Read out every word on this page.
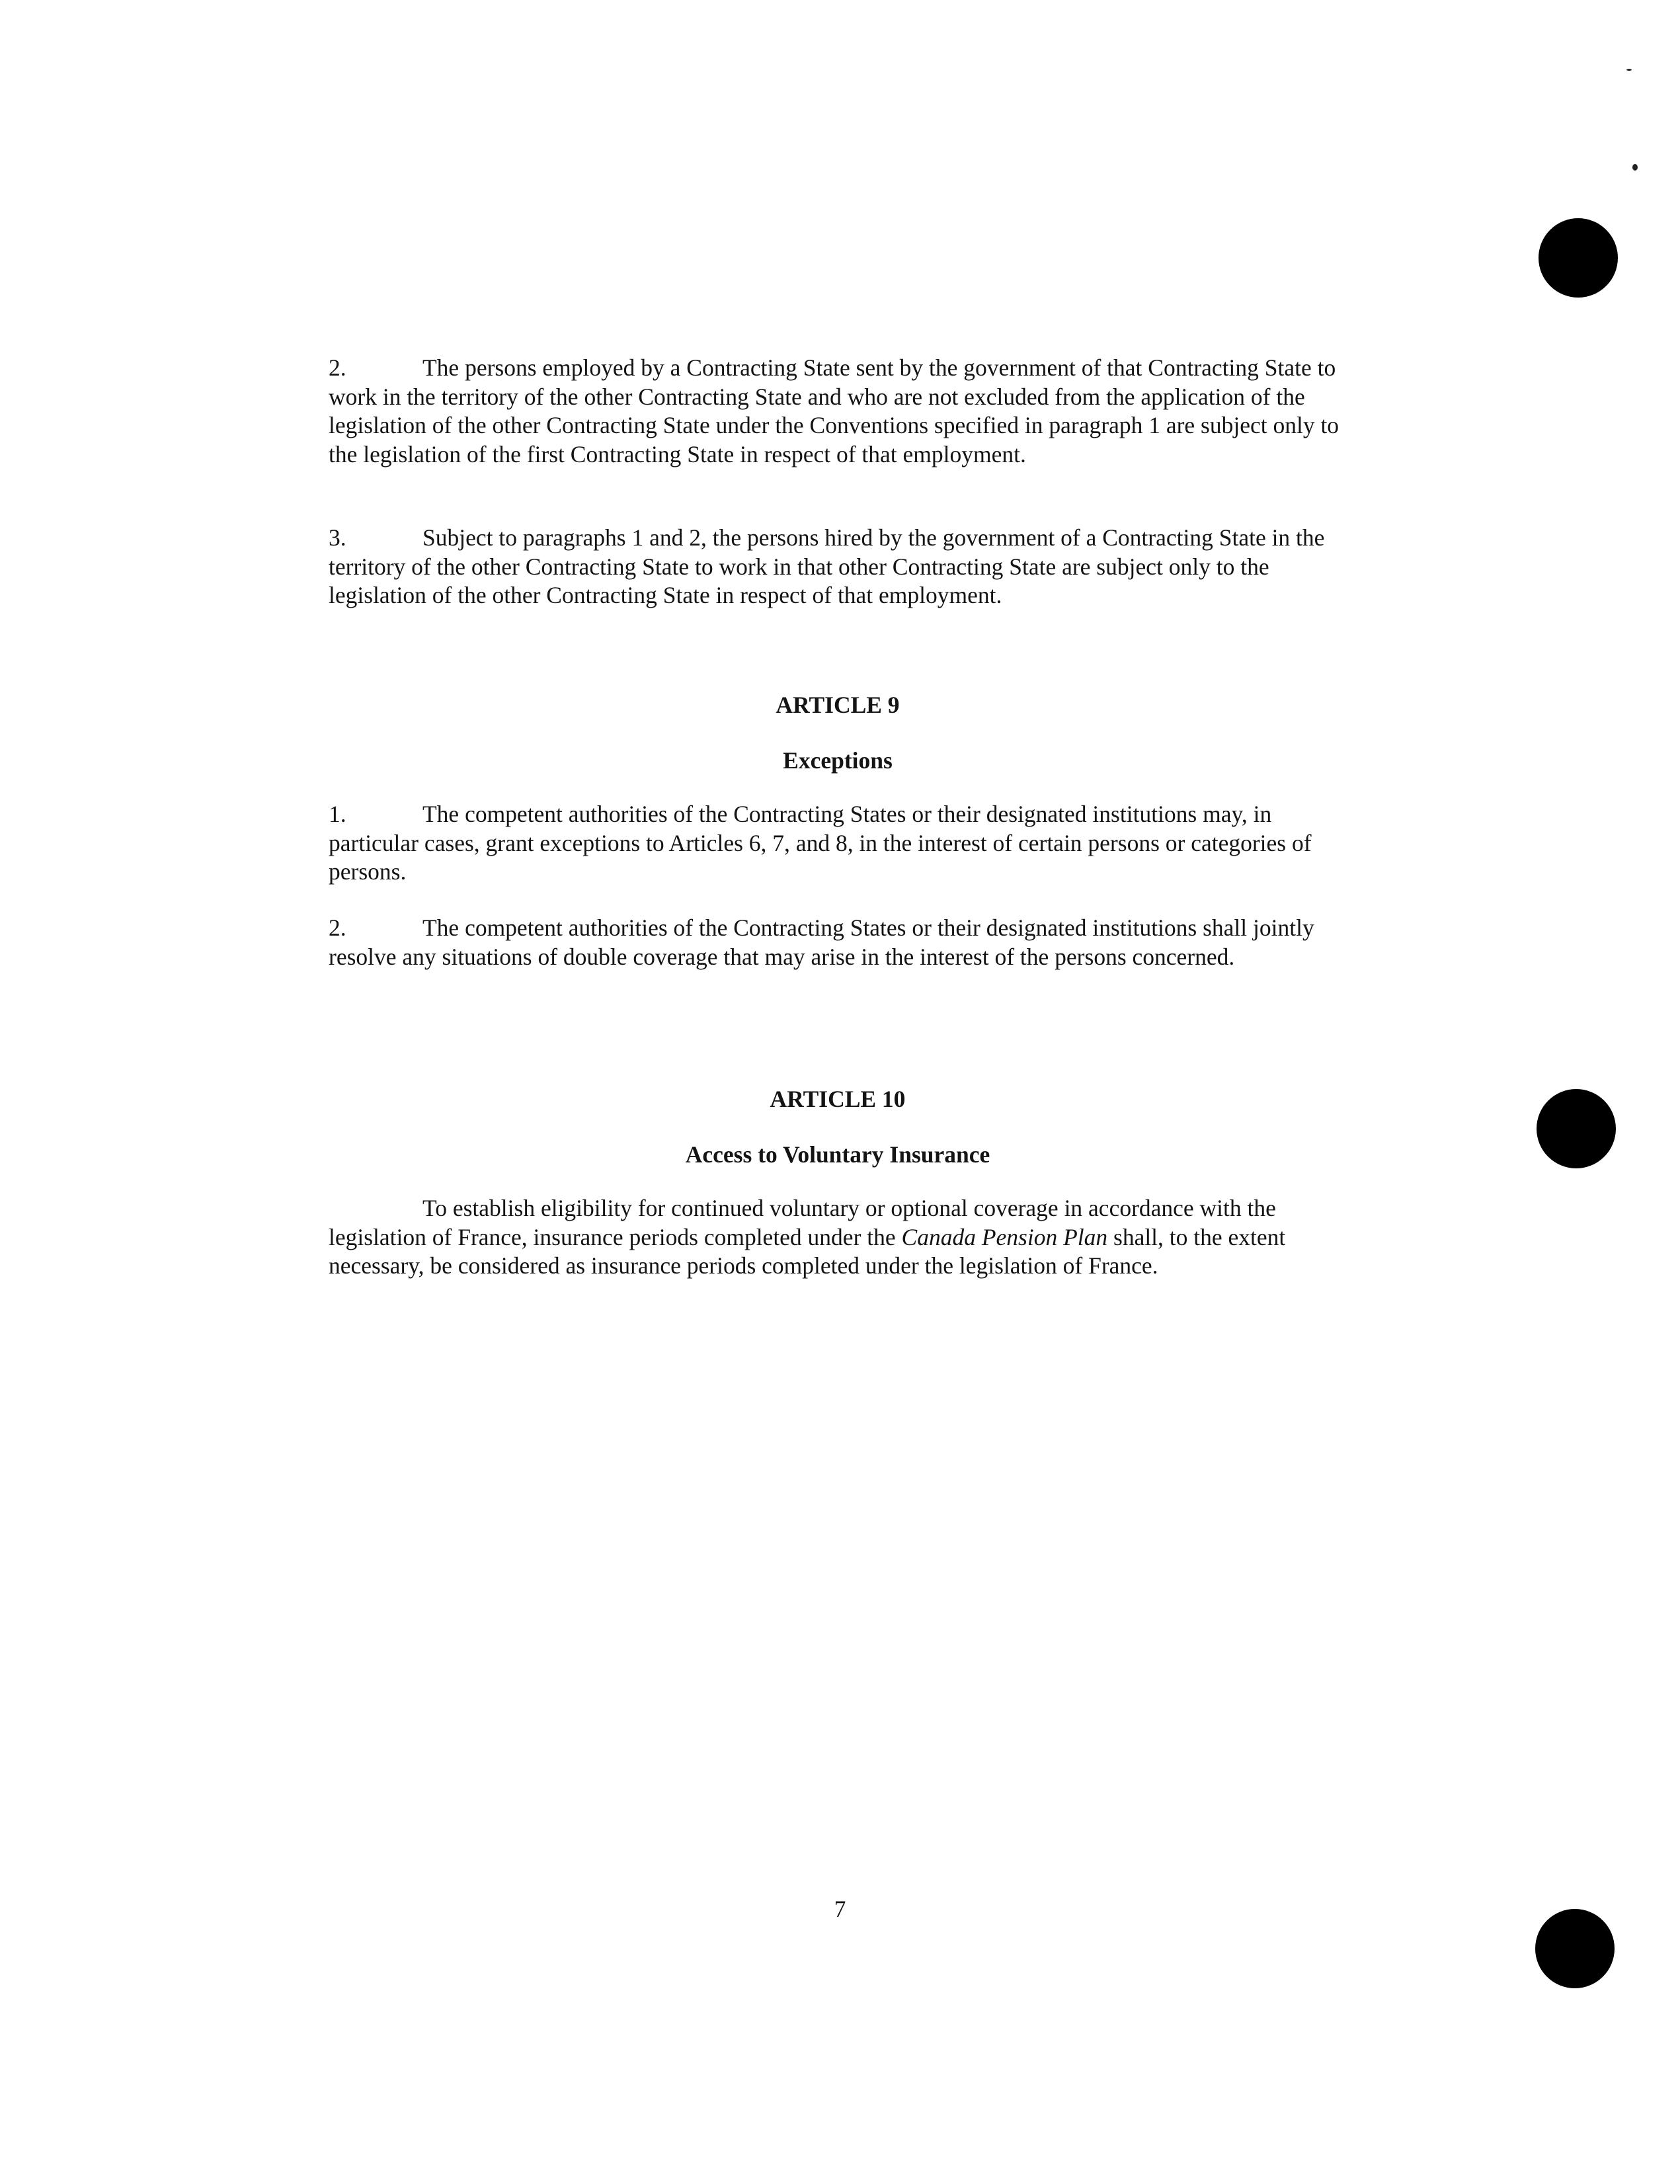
2.	The persons employed by a Contracting State sent by the government of that Contracting State to work in the territory of the other Contracting State and who are not excluded from the application of the legislation of the other Contracting State under the Conventions specified in paragraph 1 are subject only to the legislation of the first Contracting State in respect of that employment.

3.	Subject to paragraphs 1 and 2, the persons hired by the government of a Contracting State in the territory of the other Contracting State to work in that other Contracting State are subject only to the legislation of the other Contracting State in respect of that employment.

ARTICLE 9
Exceptions

1.	The competent authorities of the Contracting States or their designated institutions may, in particular cases, grant exceptions to Articles 6, 7, and 8, in the interest of certain persons or categories of persons.

2.	The competent authorities of the Contracting States or their designated institutions shall jointly resolve any situations of double coverage that may arise in the interest of the persons concerned.

ARTICLE 10
Access to Voluntary Insurance

To establish eligibility for continued voluntary or optional coverage in accordance with the legislation of France, insurance periods completed under the Canada Pension Plan shall, to the extent necessary, be considered as insurance periods completed under the legislation of France.

7
